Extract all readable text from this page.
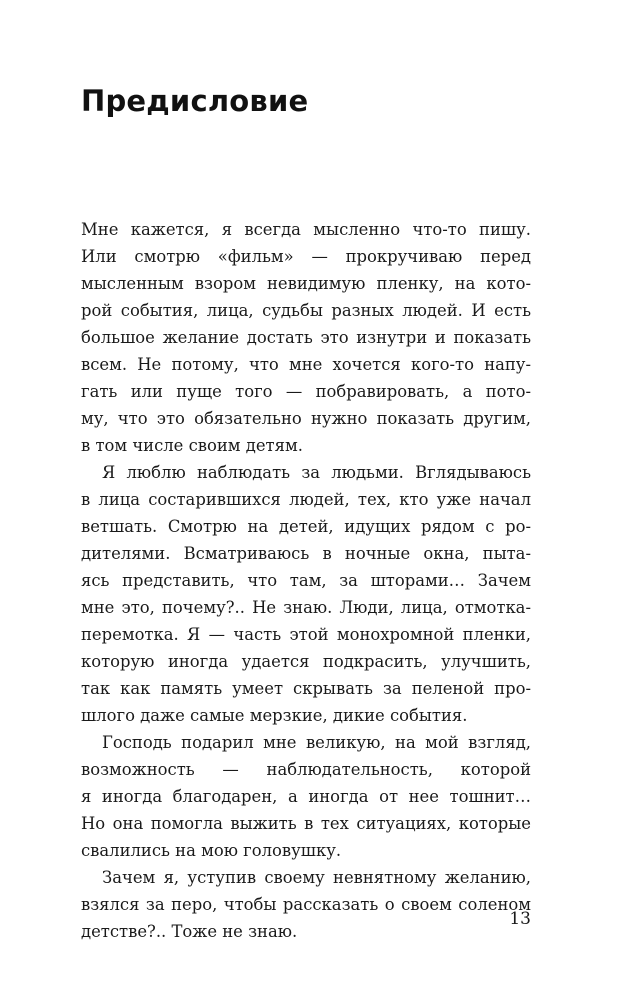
Предисловие
Мне кажется, я всегда мысленно что-то пишу.
Или смотрю «фильм» — прокручиваю перед
мысленным взором невидимую пленку, на кото-
рой события, лица, судьбы разных людей. И есть
большое желание достать это изнутри и показать
всем. Не потому, что мне хочется кого-то напу-
гать или пуще того — побравировать, а пото-
му, что это обязательно нужно показать другим,
в том числе своим детям.
Я люблю наблюдать за людьми. Вглядываюсь
в лица состарившихся людей, тех, кто уже начал
ветшать. Смотрю на детей, идущих рядом с ро-
дителями. Всматриваюсь в ночные окна, пыта-
ясь представить, что там, за шторами… Зачем
мне это, почему?.. Не знаю. Люди, лица, отмотка-
перемотка. Я — часть этой монохромной пленки,
которую иногда удается подкрасить, улучшить,
так как память умеет скрывать за пеленой про-
шлого даже самые мерзкие, дикие события.
Господь подарил мне великую, на мой взгляд,
возможность — наблюдательность, которой
я иногда благодарен, а иногда от нее тошнит…
Но она помогла выжить в тех ситуациях, которые
свалились на мою головушку.
Зачем я, уступив своему невнятному желанию,
взялся за перо, чтобы рассказать о своем соленом
детстве?.. Тоже не знаю.
13
